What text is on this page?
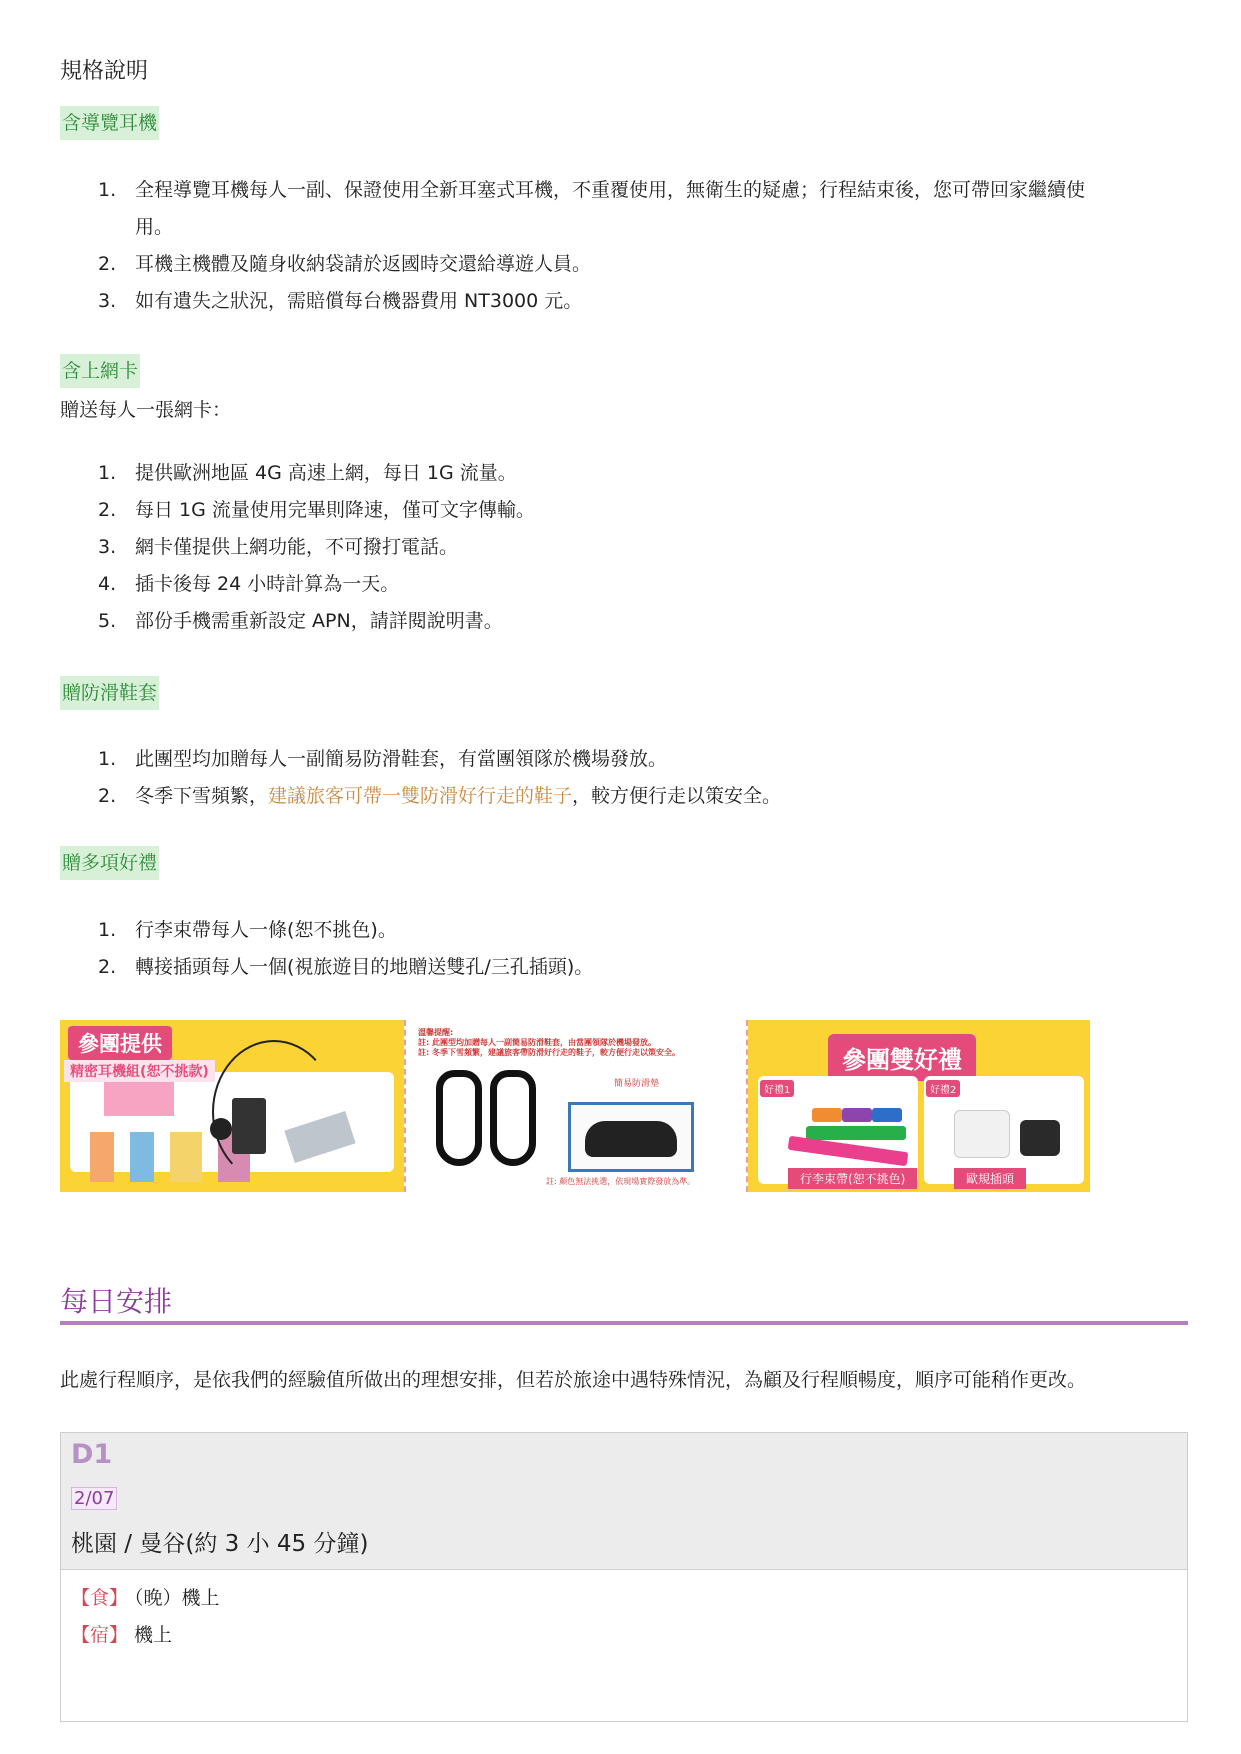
規格說明
含導覽耳機
1. 全程導覽耳機每人一副、保證使用全新耳塞式耳機，不重覆使用，無衛生的疑慮；行程結束後，您可帶回家繼續使
用。
2. 耳機主機體及隨身收納袋請於返國時交還給導遊人員。
3. 如有遺失之狀況，需賠償每台機器費用 NT3000 元。
含上網卡
贈送每人一張網卡：
1. 提供歐洲地區 4G 高速上網，每日 1G 流量。
2. 每日 1G 流量使用完畢則降速，僅可文字傳輸。
3. 網卡僅提供上網功能，不可撥打電話。
4. 插卡後每 24 小時計算為一天。
5. 部份手機需重新設定 APN，請詳閱說明書。
贈防滑鞋套
1. 此團型均加贈每人一副簡易防滑鞋套，有當團領隊於機場發放。
2. 冬季下雪頻繁，建議旅客可帶一雙防滑好行走的鞋子，較方便行走以策安全。
贈多項好禮
1. 行李束帶每人一條(恕不挑色)。
2. 轉接插頭每人一個(視旅遊目的地贈送雙孔/三孔插頭)。
參團提供
精密耳機組(恕不挑款)
溫馨提醒:
註: 此團型均加贈每人一副簡易防滑鞋套，由當團領隊於機場發放。
註: 冬季下雪頻繁，建議旅客帶防滑好行走的鞋子，較方便行走以策安全。
簡易防滑墊
註: 顏色無法挑選，依現場實際發放為準。
參團雙好禮
好禮1	好禮2
行李束帶(恕不挑色)	歐規插頭
每日安排
此處行程順序，是依我們的經驗值所做出的理想安排，但若於旅途中遇特殊情況，為顧及行程順暢度，順序可能稍作更改。
D1
2/07
桃園 / 曼谷(約 3 小 45 分鐘)
【食】 （晚）機上
【宿】 機上
